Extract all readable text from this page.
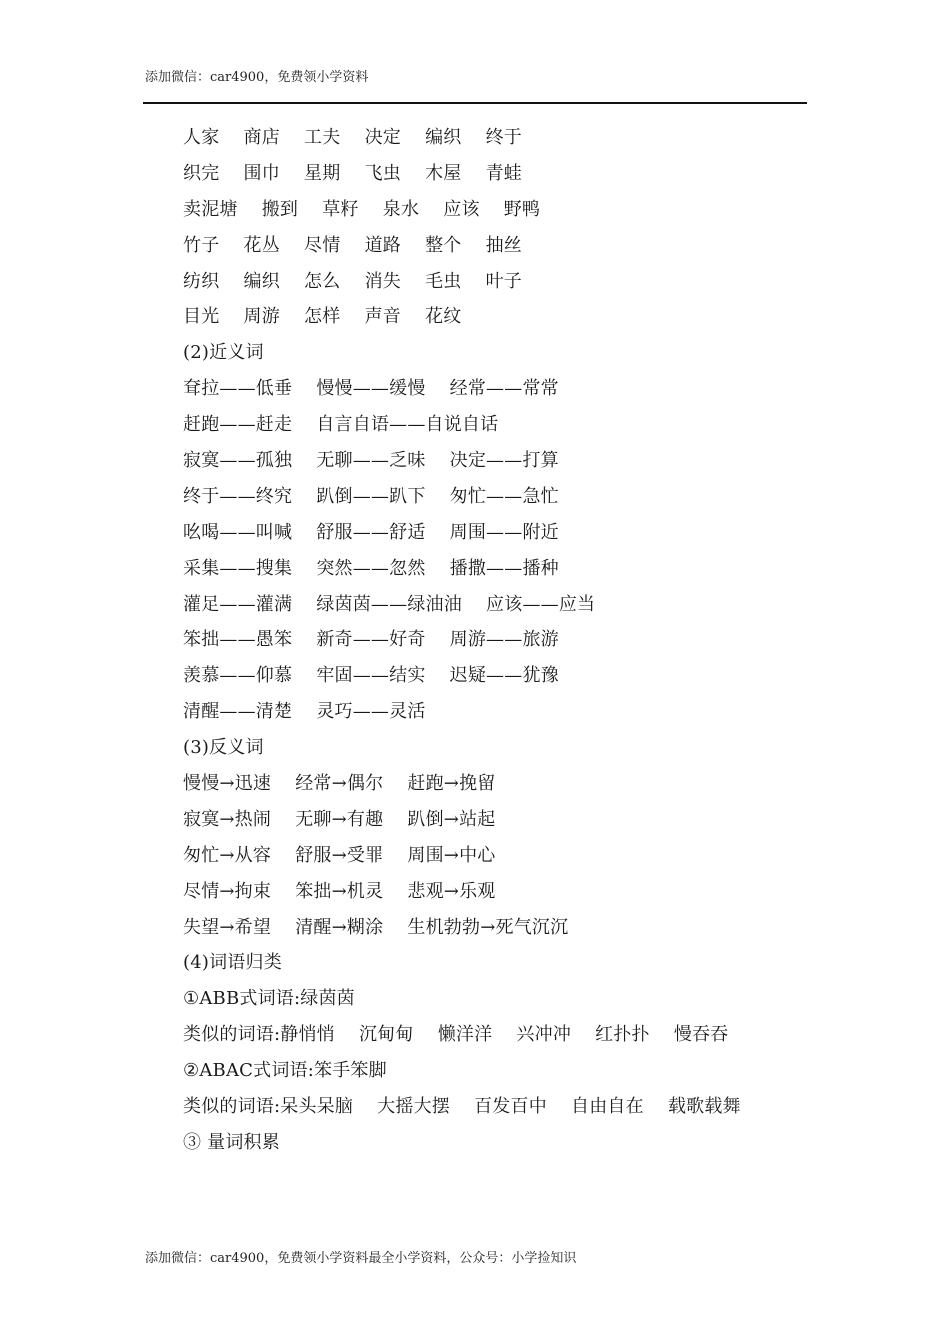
添加微信：car4900，免费领小学资料
人家　 商店　 工夫　 决定　 编织　 终于
织完　 围巾　 星期　 飞虫　 木屋　 青蛙
卖泥塘　 搬到　 草籽　 泉水　 应该　 野鸭
竹子　 花丛　 尽情　 道路　 整个　 抽丝
纺织　 编织　 怎么　 消失　 毛虫　 叶子
目光　 周游　 怎样　 声音　 花纹
(2)近义词
耷拉——低垂　 慢慢——缓慢　 经常——常常
赶跑——赶走　 自言自语——自说自话
寂寞——孤独　 无聊——乏味　 决定——打算
终于——终究　 趴倒——趴下　 匆忙——急忙
吆喝——叫喊　 舒服——舒适　 周围——附近
采集——搜集　 突然——忽然　 播撒——播种
灌足——灌满　 绿茵茵——绿油油　 应该——应当
笨拙——愚笨　 新奇——好奇　 周游——旅游
羡慕——仰慕　 牢固——结实　 迟疑——犹豫
清醒——清楚　 灵巧——灵活
(3)反义词
慢慢→迅速　 经常→偶尔　 赶跑→挽留
寂寞→热闹　 无聊→有趣　 趴倒→站起
匆忙→从容　 舒服→受罪　 周围→中心
尽情→拘束　 笨拙→机灵　 悲观→乐观
失望→希望　 清醒→糊涂　 生机勃勃→死气沉沉
(4)词语归类
①ABB式词语:绿茵茵
类似的词语:静悄悄　 沉甸甸　 懒洋洋　 兴冲冲　 红扑扑　 慢吞吞
②ABAC式词语:笨手笨脚
类似的词语:呆头呆脑　 大摇大摆　 百发百中　 自由自在　 载歌载舞
③ 量词积累
添加微信：car4900，免费领小学资料最全小学资料，公众号：小学捡知识
